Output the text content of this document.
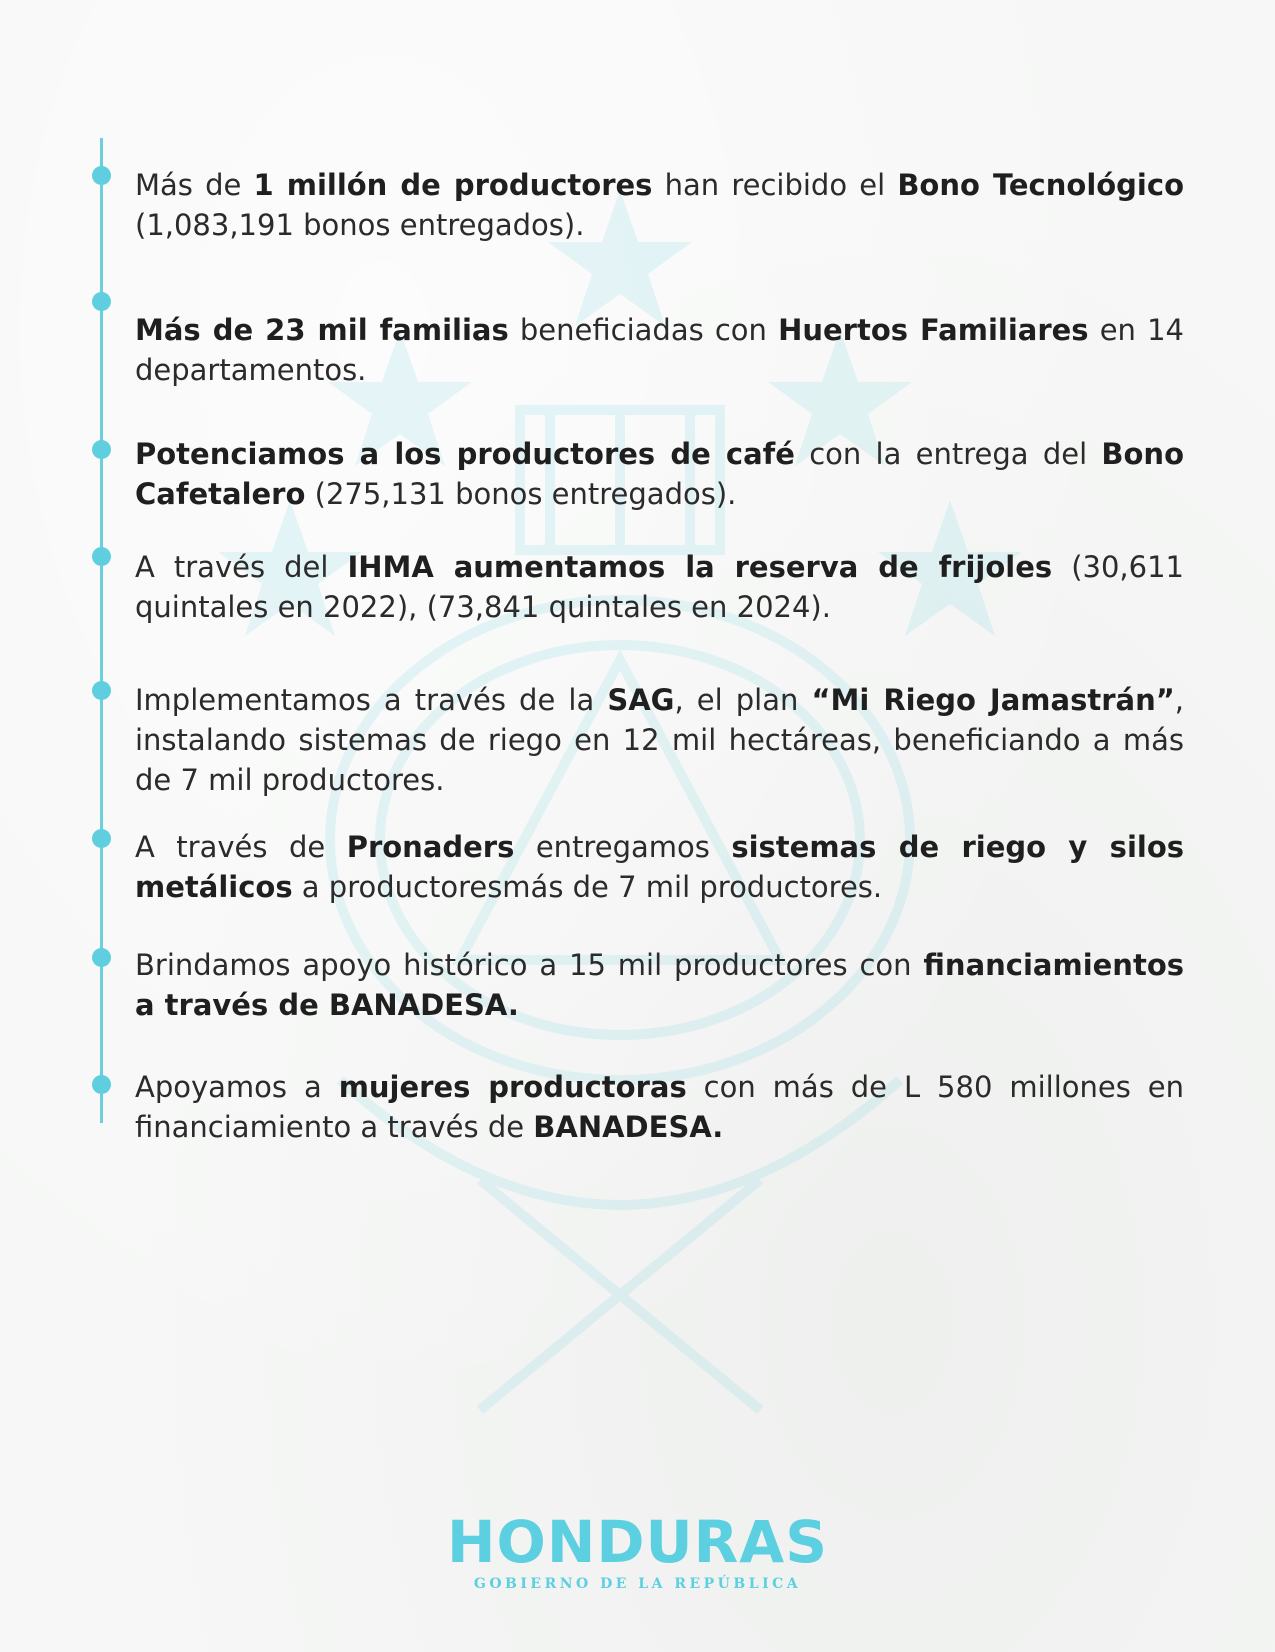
Más de 1 millón de productores han recibido el Bono Tecnológico (1,083,191 bonos entregados).
Más de 23 mil familias beneficiadas con Huertos Familiares en 14 departamentos.
Potenciamos a los productores de café con la entrega del Bono Cafetalero (275,131 bonos entregados).
A través del IHMA aumentamos la reserva de frijoles (30,611 quintales en 2022), (73,841 quintales en 2024).
Implementamos a través de la SAG, el plan “Mi Riego Jamastrán”, instalando sistemas de riego en 12 mil hectáreas, beneficiando a más de 7 mil productores.
A través de Pronaders entregamos sistemas de riego y silos metálicos a productoresmás de 7 mil productores.
Brindamos apoyo histórico a 15 mil productores con financiamientos a través de BANADESA.
Apoyamos a mujeres productoras con más de L 580 millones en financiamiento a través de BANADESA.
HONDURAS
GOBIERNO DE LA REPÚBLICA
